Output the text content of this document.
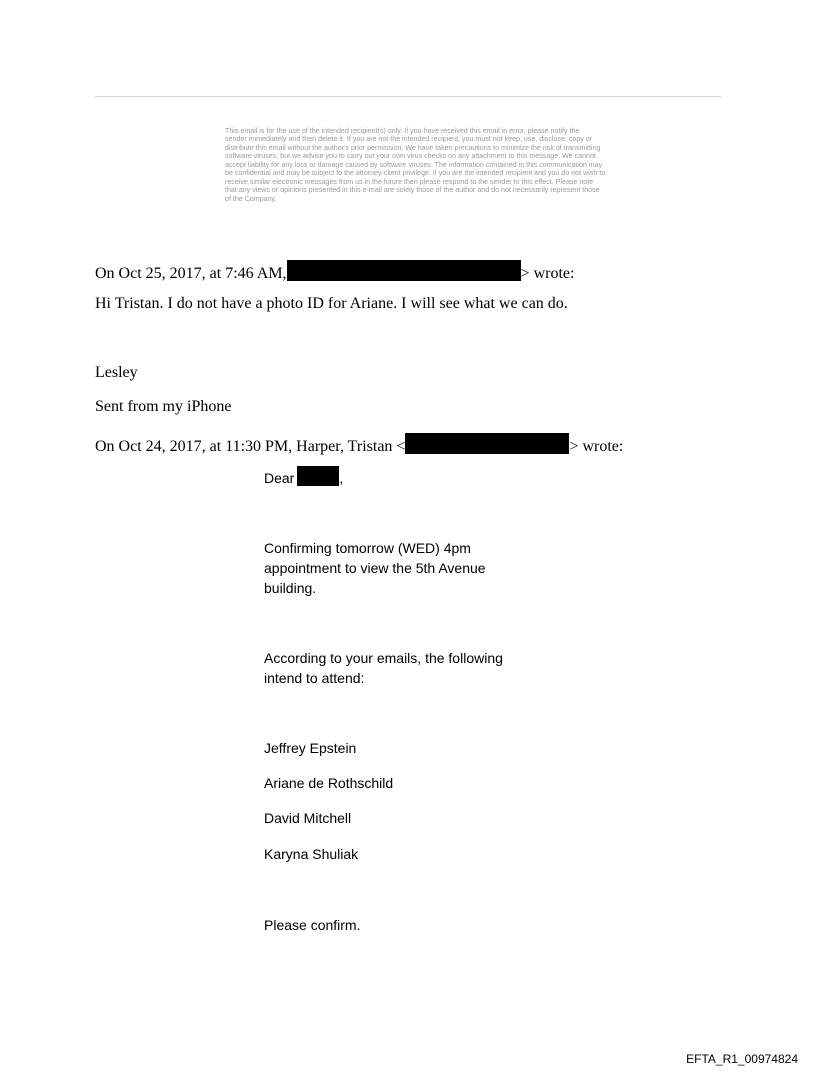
This email is for the use of the intended recipient(s) only. If you have received this email in error, please notify the
sender immediately and then delete it. If you are not the intended recipient, you must not keep, use, disclose, copy or
distribute this email without the author's prior permission. We have taken precautions to minimize the risk of transmitting
software viruses, but we advise you to carry out your own virus checks on any attachment to this message. We cannot
accept liability for any loss or damage caused by software viruses. The information contained in this communication may
be confidential and may be subject to the attorney-client privilege. If you are the intended recipient and you do not wish to
receive similar electronic messages from us in the future then please respond to the sender to this effect. Please note
that any views or opinions presented in this e-mail are solely those of the author and do not necessarily represent those
of the Company.
On Oct 25, 2017, at 7:46 AM,	> wrote:
Hi Tristan. I do not have a photo ID for Ariane. I will see what we can do.
Lesley
Sent from my iPhone
On Oct 24, 2017, at 11:30 PM, Harper, Tristan <	> wrote:
Dear	,
Confirming tomorrow (WED) 4pm
appointment to view the 5th Avenue
building.
According to your emails, the following
intend to attend:
Jeffrey Epstein
Ariane de Rothschild
David Mitchell
Karyna Shuliak
Please confirm.
EFTA_R1_00974824
